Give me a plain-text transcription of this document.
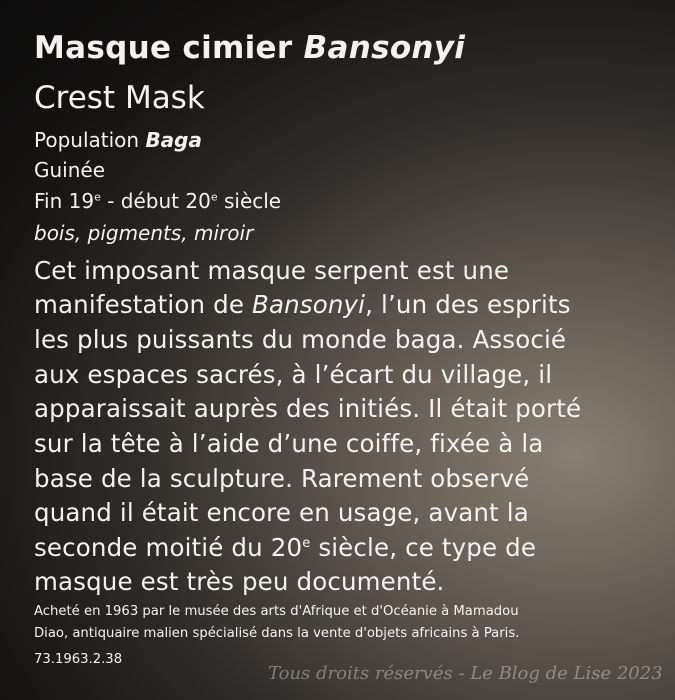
Masque cimier Bansonyi
Crest Mask
Population Baga
Guinée
Fin 19e - début 20e siècle
bois, pigments, miroir
Cet imposant masque serpent est une
manifestation de Bansonyi, l’un des esprits
les plus puissants du monde baga. Associé
aux espaces sacrés, à l’écart du village, il
apparaissait auprès des initiés. Il était porté
sur la tête à l’aide d’une coiffe, fixée à la
base de la sculpture. Rarement observé
quand il était encore en usage, avant la
seconde moitié du 20e siècle, ce type de
masque est très peu documenté.
Acheté en 1963 par le musée des arts d'Afrique et d'Océanie à Mamadou
Diao, antiquaire malien spécialisé dans la vente d'objets africains à Paris.
73.1963.2.38
Tous droits réservés - Le Blog de Lise 2023
